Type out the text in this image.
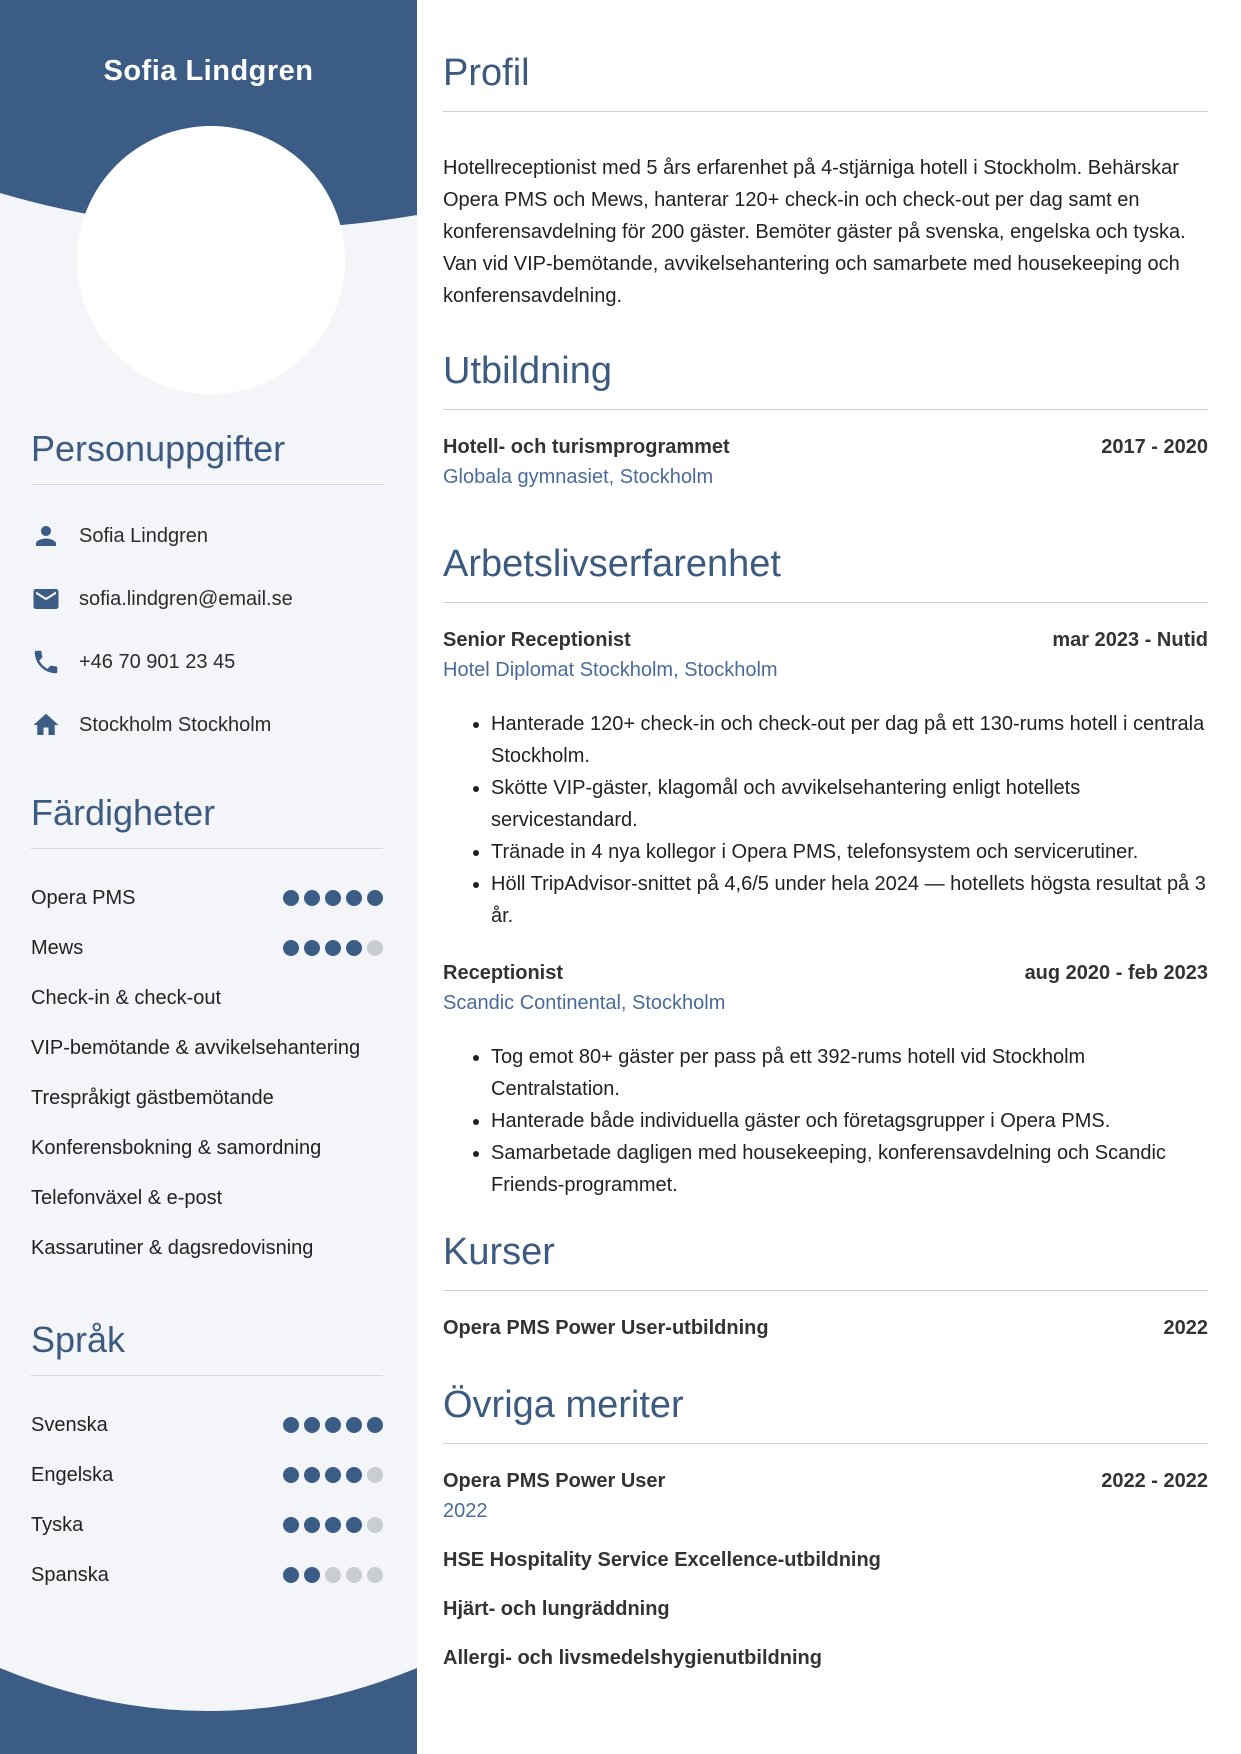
Sofia Lindgren
Personuppgifter
Sofia Lindgren
sofia.lindgren@email.se
+46 70 901 23 45
Stockholm Stockholm
Färdigheter
Opera PMS
Mews
Check-in & check-out
VIP-bemötande & avvikelsehantering
Trespråkigt gästbemötande
Konferensbokning & samordning
Telefonväxel & e-post
Kassarutiner & dagsredovisning
Språk
Svenska
Engelska
Tyska
Spanska
Profil

Hotellreceptionist med 5 års erfarenhet på 4-stjärniga hotell i Stockholm. Behärskar Opera PMS och Mews, hanterar 120+ check-in och check-out per dag samt en konferensavdelning för 200 gäster. Bemöter gäster på svenska, engelska och tyska. Van vid VIP-bemötande, avvikelsehantering och samarbete med housekeeping och konferensavdelning.

Utbildning
Hotell- och turismprogrammet	2017 - 2020
Globala gymnasiet, Stockholm
Arbetslivserfarenhet
Senior Receptionist	mar 2023 - Nutid
Hotel Diplomat Stockholm, Stockholm
• Hanterade 120+ check-in och check-out per dag på ett 130-rums hotell i centrala Stockholm.
• Skötte VIP-gäster, klagomål och avvikelsehantering enligt hotellets servicestandard.
• Tränade in 4 nya kollegor i Opera PMS, telefonsystem och servicerutiner.
• Höll TripAdvisor-snittet på 4,6/5 under hela 2024 — hotellets högsta resultat på 3 år.
Receptionist	aug 2020 - feb 2023
Scandic Continental, Stockholm
• Tog emot 80+ gäster per pass på ett 392-rums hotell vid Stockholm Centralstation.
• Hanterade både individuella gäster och företagsgrupper i Opera PMS.
• Samarbetade dagligen med housekeeping, konferensavdelning och Scandic Friends-programmet.
Kurser
Opera PMS Power User-utbildning	2022
Övriga meriter
Opera PMS Power User	2022 - 2022
2022
HSE Hospitality Service Excellence-utbildning
Hjärt- och lungräddning
Allergi- och livsmedelshygienutbildning
